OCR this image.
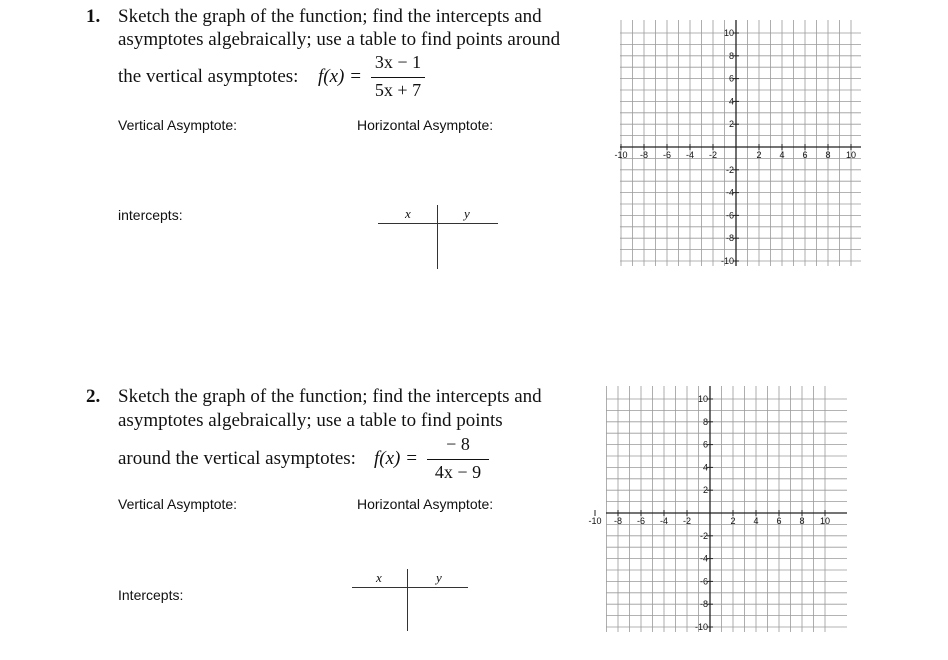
1. Sketch the graph of the function; find the intercepts and
asymptotes algebraically; use a table to find points around
the vertical asymptotes: f(x) =
3x − 1
5x + 7
Vertical Asymptote:	Horizontal Asymptote:
intercepts:	x	y
-10 -8 -6 -4 -2	2 4 6 8 10
10
8
6
4
2
-2
-4
-6
-8
-10
2. Sketch the graph of the function; find the intercepts and
asymptotes algebraically; use a table to find points
around the vertical asymptotes: f(x) =
− 8
4x − 9
Vertical Asymptote:	Horizontal Asymptote:
Intercepts:
x	y
-10 -8 -6 -4 -2	2 4 6 8 10
10
8
6
4
2
-2
-4
-6
-8
-10
